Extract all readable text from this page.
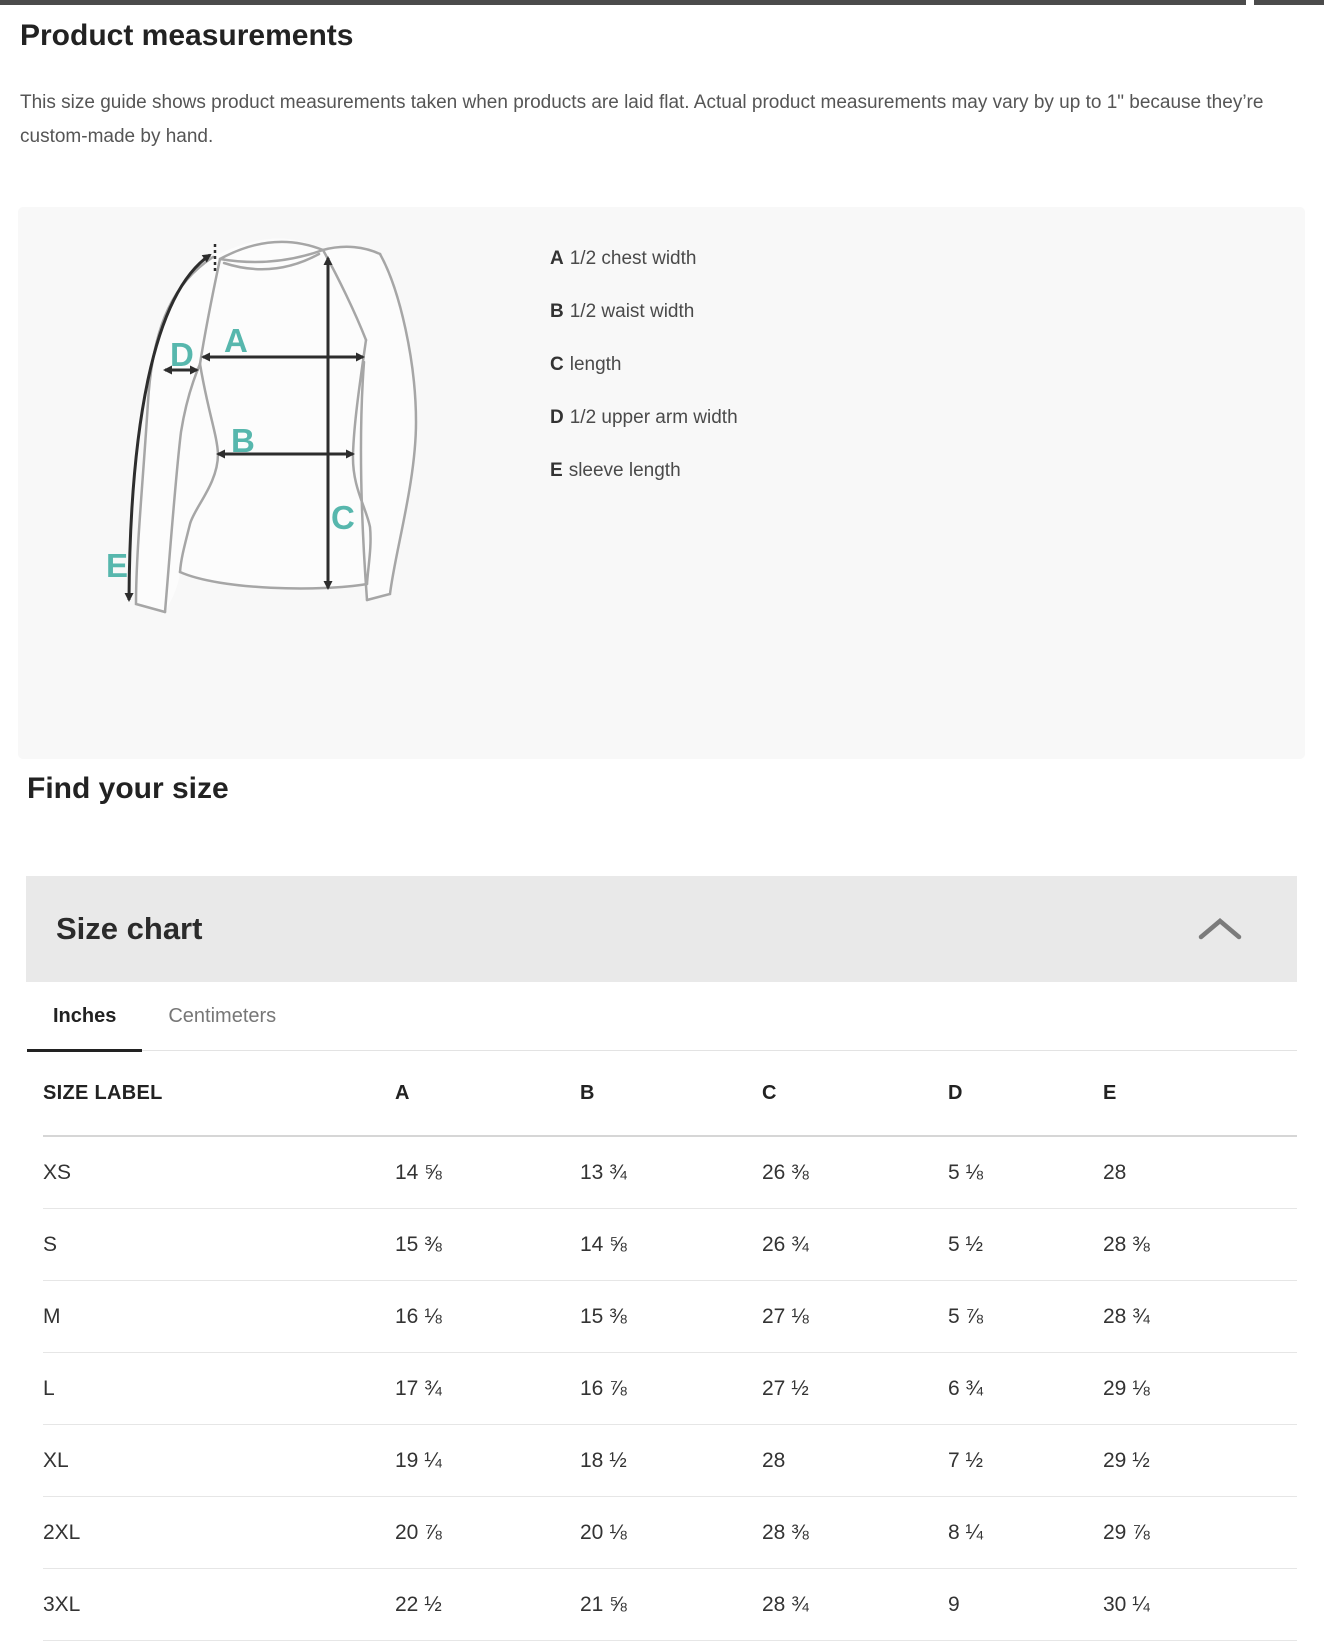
Product measurements

This size guide shows product measurements taken when products are laid flat. Actual product measurements may vary by up to 1" because they’re custom-made by hand.

A
B
C
D
E
A 1/2 chest width
B 1/2 waist width
C length
D 1/2 upper arm width
E sleeve length
Find your size
Size chart
Inches	Centimeters
SIZE LABEL	A	B	C	D	E
XS	14 ⅝	13 ¾	26 ⅜	5 ⅛	28
S	15 ⅜	14 ⅝	26 ¾	5 ½	28 ⅜
M	16 ⅛	15 ⅜	27 ⅛	5 ⅞	28 ¾
L	17 ¾	16 ⅞	27 ½	6 ¾	29 ⅛
XL	19 ¼	18 ½	28	7 ½	29 ½
2XL	20 ⅞	20 ⅛	28 ⅜	8 ¼	29 ⅞
3XL	22 ½	21 ⅝	28 ¾	9	30 ¼
